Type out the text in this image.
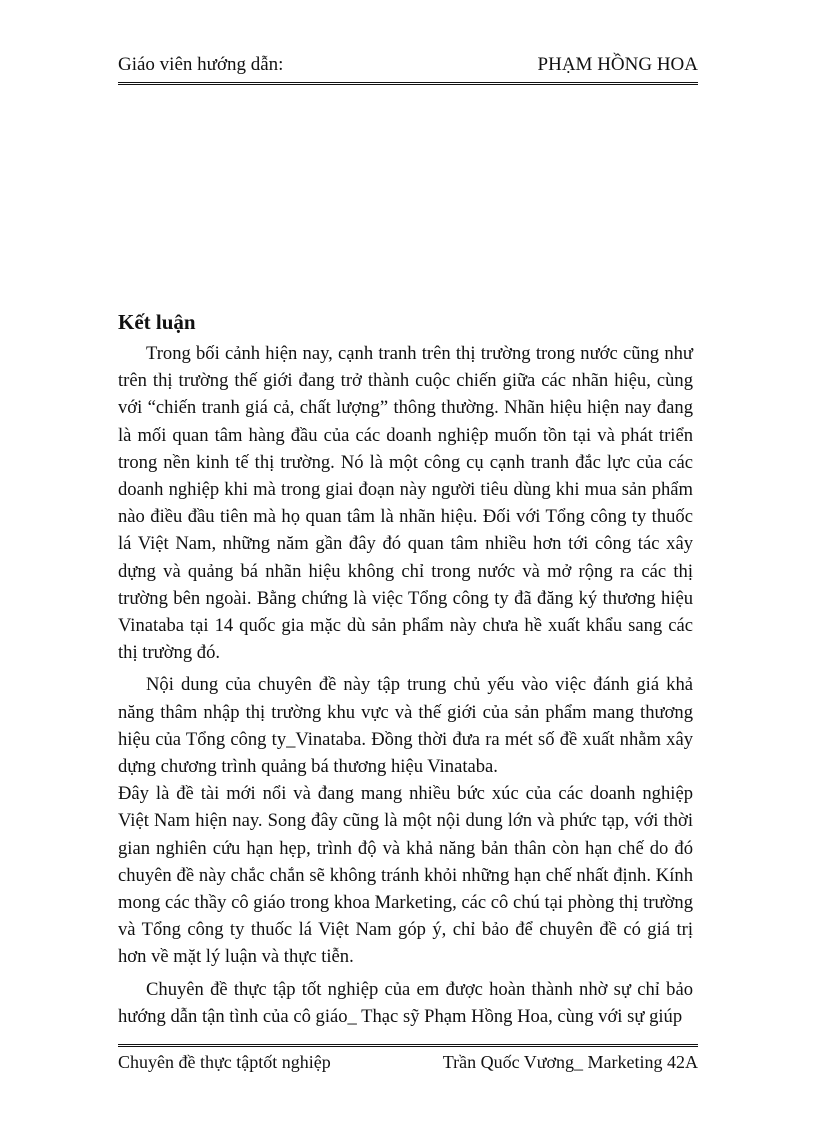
Giáo viên hướng dẫn:	PHẠM HỒNG HOA
Kết luận

Trong bối cảnh hiện nay, cạnh tranh trên thị trường trong nước cũng như trên thị trường thế giới đang trở thành cuộc chiến giữa các nhãn hiệu, cùng với “chiến tranh giá cả, chất lượng” thông thường. Nhãn hiệu hiện nay đang là mối quan tâm hàng đầu của các doanh nghiệp muốn tồn tại và phát triển trong nền kinh tế thị trường. Nó là một công cụ cạnh tranh đắc lực của các doanh nghiệp khi mà trong giai đoạn này người tiêu dùng khi mua sản phẩm nào điều đầu tiên mà họ quan tâm là nhãn hiệu. Đối với Tổng công ty thuốc lá Việt Nam, những năm gần đây đó quan tâm nhiều hơn tới công tác xây dựng và quảng bá nhãn hiệu không chỉ trong nước và mở rộng ra các thị trường bên ngoài. Bằng chứng là việc Tổng công ty đã đăng ký thương hiệu Vinataba tại 14 quốc gia mặc dù sản phẩm này chưa hề xuất khẩu sang các thị trường đó.

Nội dung của chuyên đề này tập trung chủ yếu vào việc đánh giá khả năng thâm nhập thị trường khu vực và thế giới của sản phẩm mang thương hiệu của Tổng công ty_Vinataba. Đồng thời đưa ra mét số đề xuất nhằm xây dựng chương trình quảng bá thương hiệu Vinataba.

Đây là đề tài mới nổi và đang mang nhiều bức xúc của các doanh nghiệp Việt Nam hiện nay. Song đây cũng là một nội dung lớn và phức tạp, với thời gian nghiên cứu hạn hẹp, trình độ và khả năng bản thân còn hạn chế do đó chuyên đề này chắc chắn sẽ không tránh khỏi những hạn chế nhất định. Kính mong các thầy cô giáo trong khoa Marketing, các cô chú tại phòng thị trường và Tổng công ty thuốc lá Việt Nam góp ý, chỉ bảo để chuyên đề có giá trị hơn về mặt lý luận và thực tiễn.

Chuyên đề thực tập tốt nghiệp của em được hoàn thành nhờ sự chỉ bảo hướng dẫn tận tình của cô giáo_ Thạc sỹ Phạm Hồng Hoa, cùng với sự giúp

Chuyên đề thực tậptốt nghiệp	Trần Quốc Vương_ Marketing 42A
